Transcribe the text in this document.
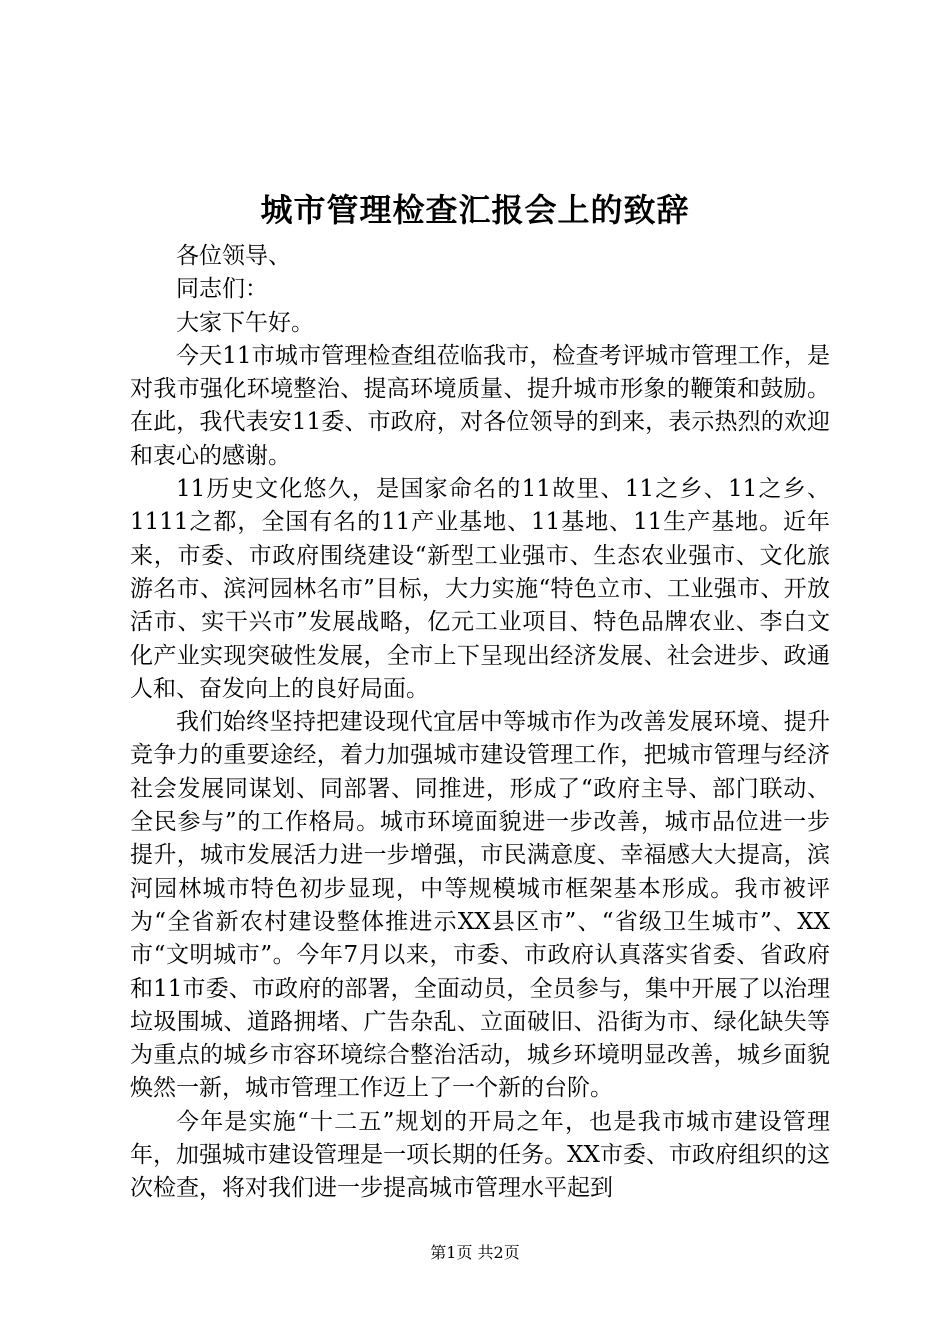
城市管理检查汇报会上的致辞

各位领导、

同志们：

大家下午好。

今天11市城市管理检查组莅临我市，检查考评城市管理工作，是对我市强化环境整治、提高环境质量、提升城市形象的鞭策和鼓励。在此，我代表安11委、市政府，对各位领导的到来，表示热烈的欢迎和衷心的感谢。

11历史文化悠久，是国家命名的11故里、11之乡、11之乡、1111之都，全国有名的11产业基地、11基地、11生产基地。近年来，市委、市政府围绕建设“新型工业强市、生态农业强市、文化旅游名市、滨河园林名市”目标，大力实施“特色立市、工业强市、开放活市、实干兴市”发展战略，亿元工业项目、特色品牌农业、李白文化产业实现突破性发展，全市上下呈现出经济发展、社会进步、政通人和、奋发向上的良好局面。

我们始终坚持把建设现代宜居中等城市作为改善发展环境、提升竞争力的重要途经，着力加强城市建设管理工作，把城市管理与经济社会发展同谋划、同部署、同推进，形成了“政府主导、部门联动、全民参与”的工作格局。城市环境面貌进一步改善，城市品位进一步提升，城市发展活力进一步增强，市民满意度、幸福感大大提高，滨河园林城市特色初步显现，中等规模城市框架基本形成。我市被评为“全省新农村建设整体推进示XX县区市”、“省级卫生城市”、XX市“文明城市”。今年7月以来，市委、市政府认真落实省委、省政府和11市委、市政府的部署，全面动员，全员参与，集中开展了以治理垃圾围城、道路拥堵、广告杂乱、立面破旧、沿街为市、绿化缺失等为重点的城乡市容环境综合整治活动，城乡环境明显改善，城乡面貌焕然一新，城市管理工作迈上了一个新的台阶。

今年是实施“十二五”规划的开局之年，也是我市城市建设管理年，加强城市建设管理是一项长期的任务。XX市委、市政府组织的这次检查，将对我们进一步提高城市管理水平起到

第1页 共2页
